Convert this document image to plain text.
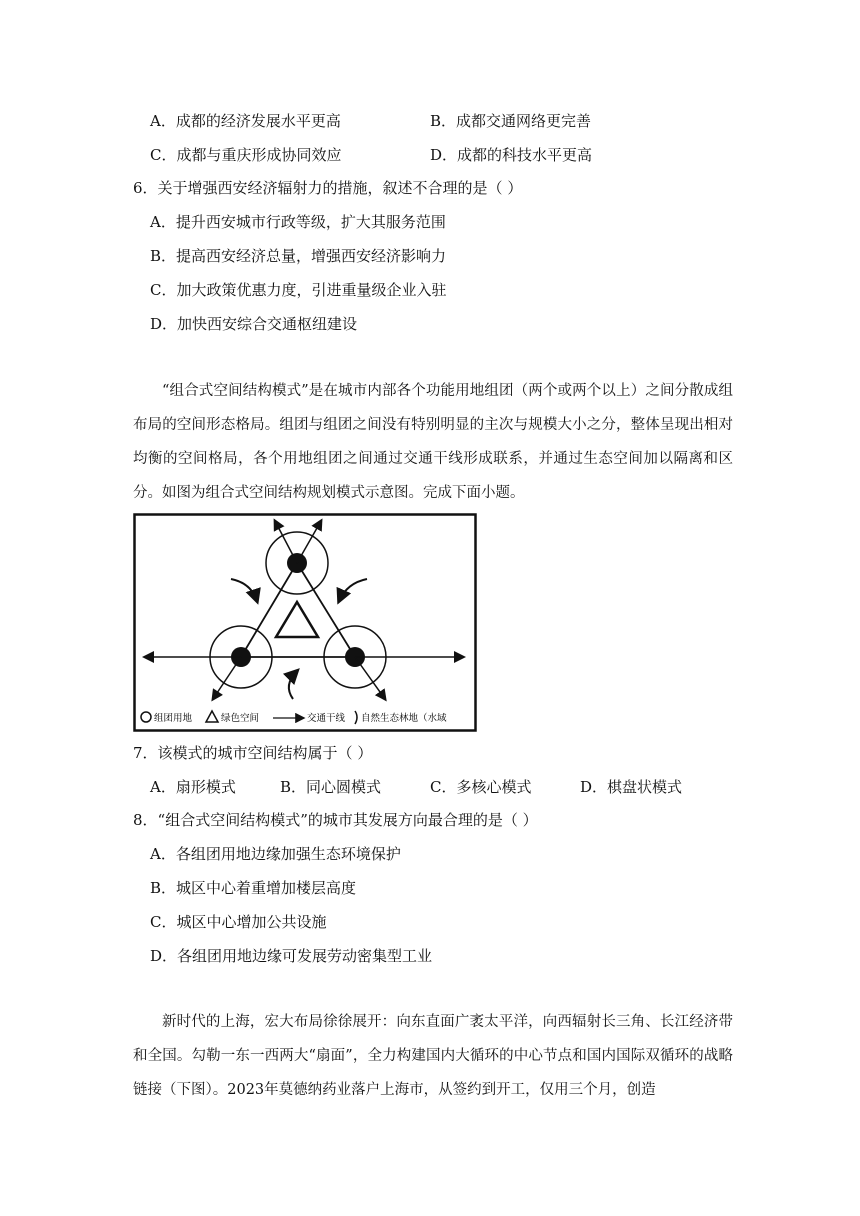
A．成都的经济发展水平更高	B．成都交通网络更完善
C．成都与重庆形成协同效应	D．成都的科技水平更高
6．关于增强西安经济辐射力的措施，叙述不合理的是（ ）
A．提升西安城市行政等级，扩大其服务范围
B．提高西安经济总量，增强西安经济影响力
C．加大政策优惠力度，引进重量级企业入驻
D．加快西安综合交通枢纽建设
“组合式空间结构模式”是在城市内部各个功能用地组团（两个或两个以上）之间分散成组布局的空间形态格局。组团与组团之间没有特别明显的主次与规模大小之分，整体呈现出相对均衡的空间格局，各个用地组团之间通过交通干线形成联系，并通过生态空间加以隔离和区分。如图为组合式空间结构规划模式示意图。完成下面小题。
组团用地	绿色空间	交通干线 自然生态林地（水域
7．该模式的城市空间结构属于（ ）
A．扇形模式	B．同心圆模式	C．多核心模式	D．棋盘状模式
8．“组合式空间结构模式”的城市其发展方向最合理的是（ ）
A．各组团用地边缘加强生态环境保护
B．城区中心着重增加楼层高度
C．城区中心增加公共设施
D．各组团用地边缘可发展劳动密集型工业
新时代的上海，宏大布局徐徐展开：向东直面广袤太平洋，向西辐射长三角、长江经济带和全国。勾勒一东一西两大“扇面”，全力构建国内大循环的中心节点和国内国际双循环的战略链接（下图）。2023年莫德纳药业落户上海市，从签约到开工，仅用三个月，创造
